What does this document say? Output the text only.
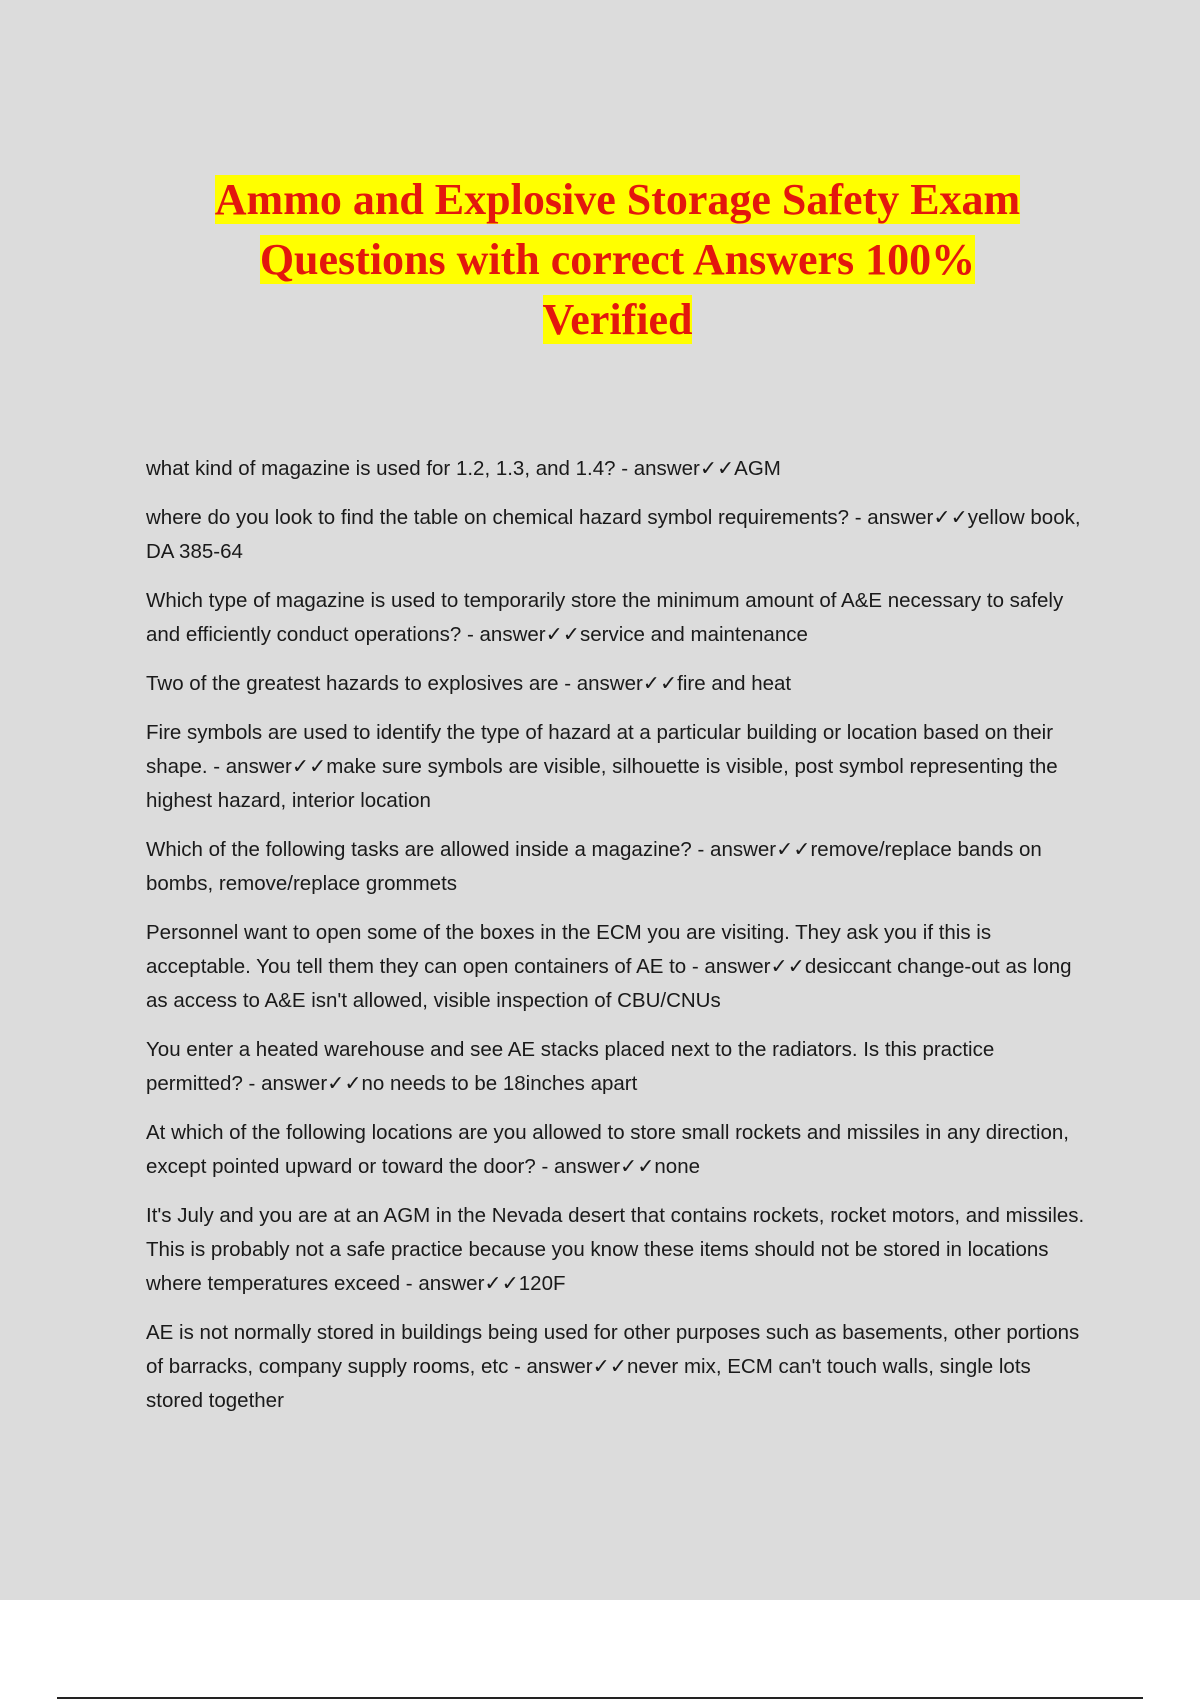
Ammo and Explosive Storage Safety Exam
Questions with correct Answers 100%
Verified

what kind of magazine is used for 1.2, 1.3, and 1.4? - answer✓✓AGM

where do you look to find the table on chemical hazard symbol requirements? - answer✓✓yellow book, DA 385-64

Which type of magazine is used to temporarily store the minimum amount of A&E necessary to safely and efficiently conduct operations? - answer✓✓service and maintenance

Two of the greatest hazards to explosives are - answer✓✓fire and heat

Fire symbols are used to identify the type of hazard at a particular building or location based on their shape. - answer✓✓make sure symbols are visible, silhouette is visible, post symbol representing the highest hazard, interior location

Which of the following tasks are allowed inside a magazine? - answer✓✓remove/replace bands on bombs, remove/replace grommets

Personnel want to open some of the boxes in the ECM you are visiting. They ask you if this is acceptable. You tell them they can open containers of AE to - answer✓✓desiccant change-out as long as access to A&E isn't allowed, visible inspection of CBU/CNUs

You enter a heated warehouse and see AE stacks placed next to the radiators. Is this practice permitted? - answer✓✓no needs to be 18inches apart

At which of the following locations are you allowed to store small rockets and missiles in any direction, except pointed upward or toward the door? - answer✓✓none

It's July and you are at an AGM in the Nevada desert that contains rockets, rocket motors, and missiles. This is probably not a safe practice because you know these items should not be stored in locations where temperatures exceed - answer✓✓120F

AE is not normally stored in buildings being used for other purposes such as basements, other portions of barracks, company supply rooms, etc - answer✓✓never mix, ECM can't touch walls, single lots stored together
